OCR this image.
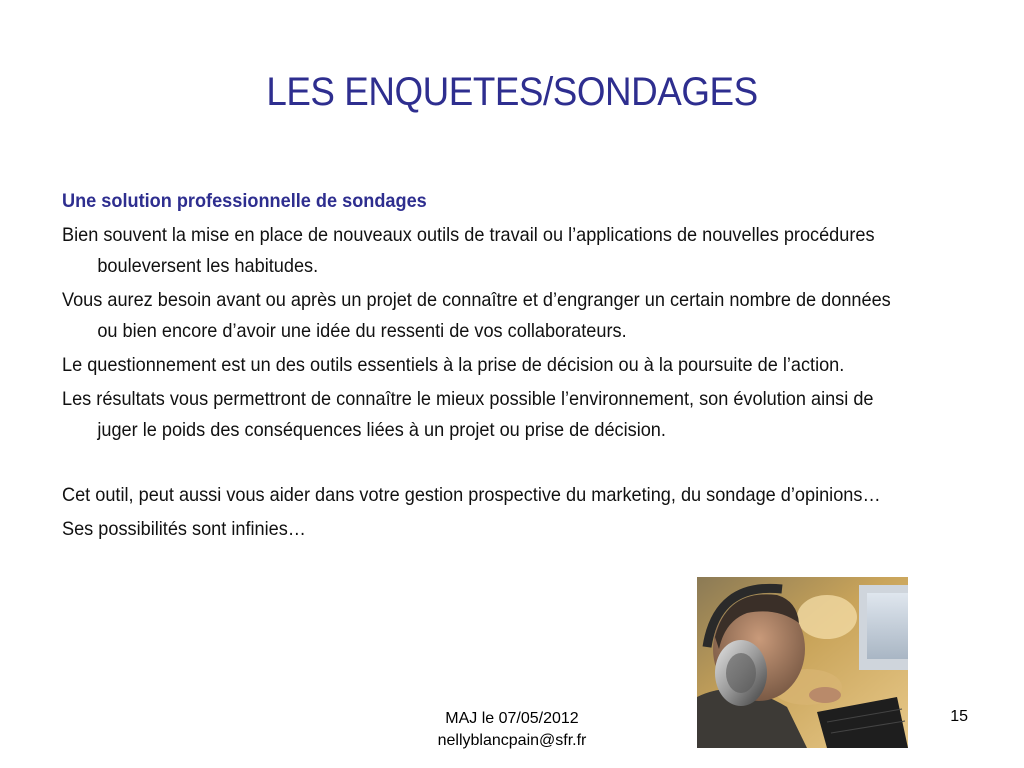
LES ENQUETES/SONDAGES

Une solution professionnelle de sondages

Bien souvent la mise en place de nouveaux outils de travail ou l’applications de nouvelles procédures bouleversent les habitudes.

Vous aurez besoin avant ou après un projet de connaître et d’engranger un certain nombre de données ou bien encore d’avoir une idée du ressenti de vos collaborateurs.

Le questionnement est un des outils essentiels à la prise de décision ou à la poursuite de l’action.

Les résultats vous permettront de connaître le mieux possible l’environnement, son évolution ainsi de juger le poids des conséquences liées à un projet ou prise de décision.

Cet outil, peut aussi vous aider dans votre gestion prospective du marketing, du sondage d’opinions…

Ses possibilités sont infinies…

MAJ le 07/05/2012
nellyblancpain@sfr.fr
15
